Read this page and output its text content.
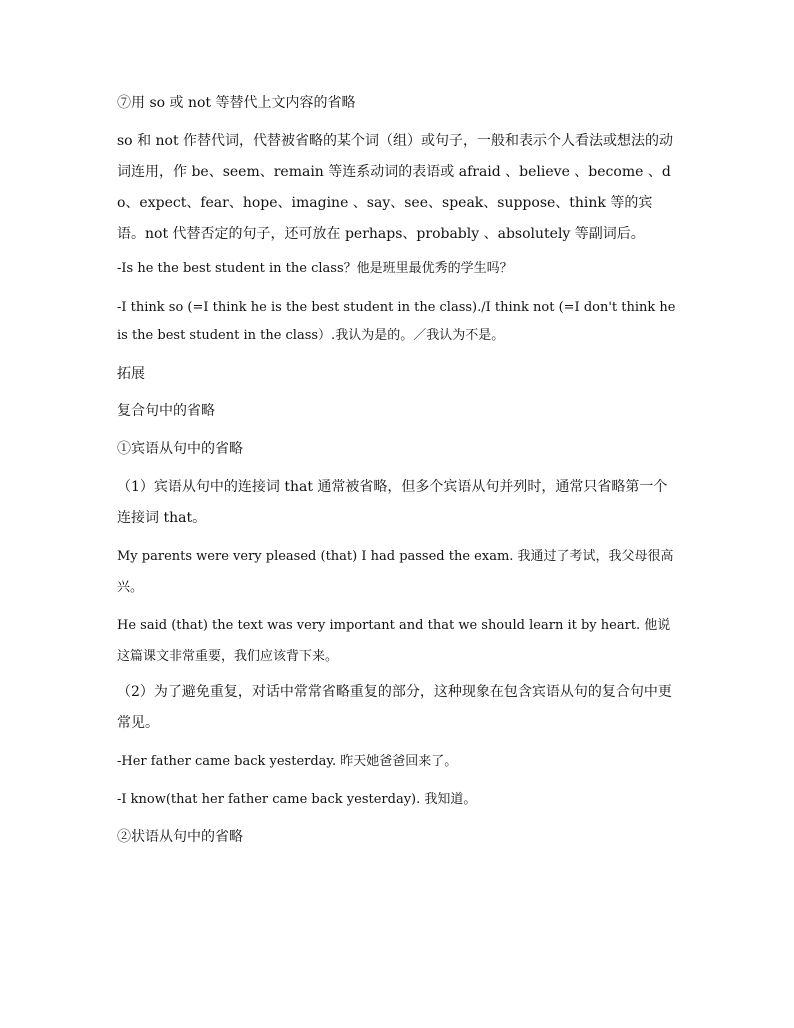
⑦用 so 或 not 等替代上文内容的省略

so 和 not 作替代词，代替被省略的某个词（组）或句子，一般和表示个人看法或想法的动词连用，作 be、seem、remain 等连系动词的表语或 afraid 、believe 、become 、do、expect、fear、hope、imagine 、say、see、speak、suppose、think 等的宾语。not 代替否定的句子，还可放在 perhaps、probably 、absolutely 等副词后。

-Is he the best student in the class？他是班里最优秀的学生吗？

-I think so (=I think he is the best student in the class)./I think not (=I don't think he is the best student in the class）.我认为是的。／我认为不是。

拓展

复合句中的省略

①宾语从句中的省略

（1）宾语从句中的连接词 that 通常被省略，但多个宾语从句并列时，通常只省略第一个连接词 that。

My parents were very pleased (that) I had passed the exam. 我通过了考试，我父母很高兴。

He said (that) the text was very important and that we should learn it by heart. 他说这篇课文非常重要，我们应该背下来。

（2）为了避免重复，对话中常常省略重复的部分，这种现象在包含宾语从句的复合句中更常见。

-Her father came back yesterday. 昨天她爸爸回来了。

-I know(that her father came back yesterday). 我知道。

②状语从句中的省略
